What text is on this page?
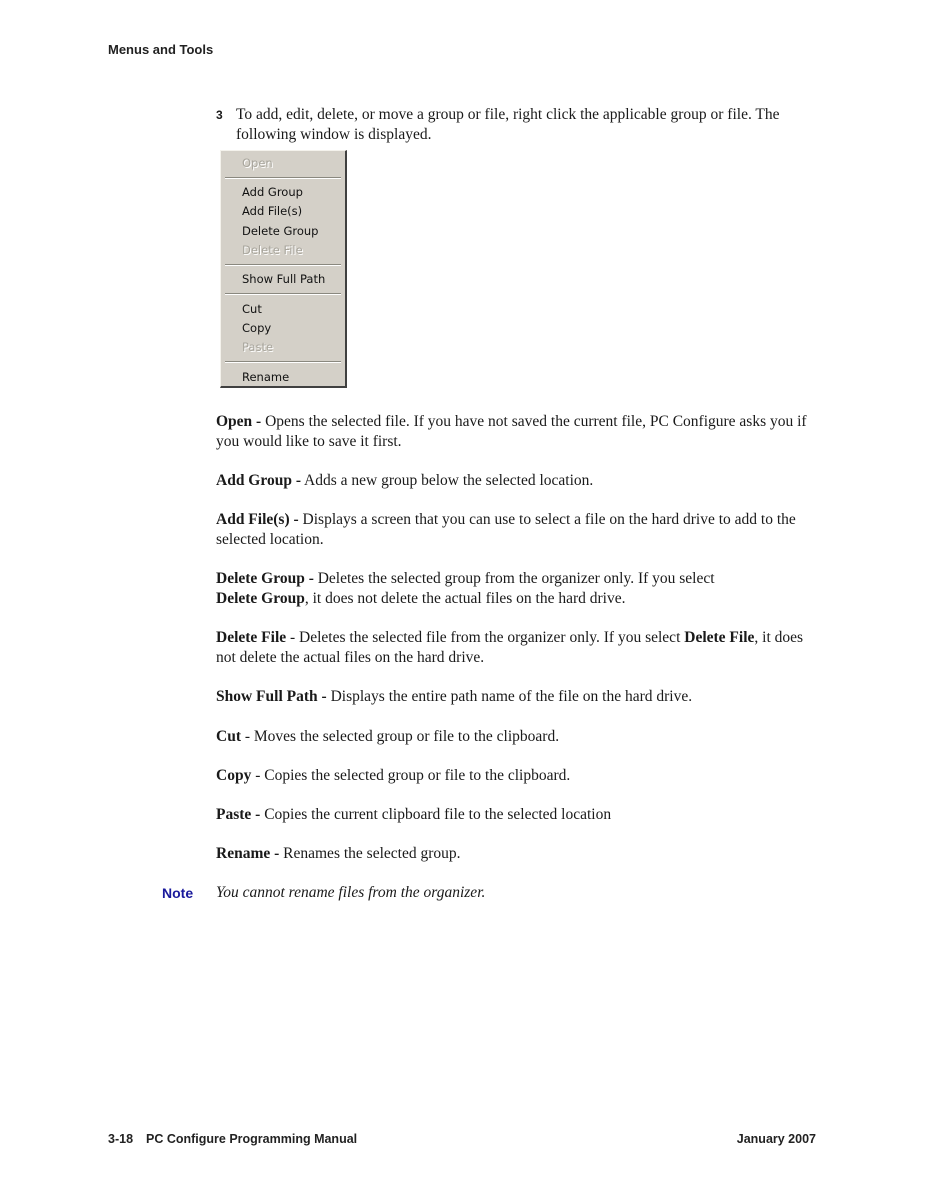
Menus and Tools
3 To add, edit, delete, or move a group or file, right click the applicable group or file. The following window is displayed.
Open
Add Group
Add File(s)
Delete Group
Delete File
Show Full Path
Cut
Copy
Paste
Rename
Open - Opens the selected file. If you have not saved the current file, PC Configure asks you if you would like to save it first.
Add Group - Adds a new group below the selected location.
Add File(s) - Displays a screen that you can use to select a file on the hard drive to add to the selected location.
Delete Group - Deletes the selected group from the organizer only. If you select
Delete Group, it does not delete the actual files on the hard drive.
Delete File - Deletes the selected file from the organizer only. If you select Delete File, it does not delete the actual files on the hard drive.
Show Full Path - Displays the entire path name of the file on the hard drive.
Cut - Moves the selected group or file to the clipboard.
Copy - Copies the selected group or file to the clipboard.
Paste - Copies the current clipboard file to the selected location
Rename - Renames the selected group.
Note You cannot rename files from the organizer.
3-18 PC Configure Programming Manual	January 2007
